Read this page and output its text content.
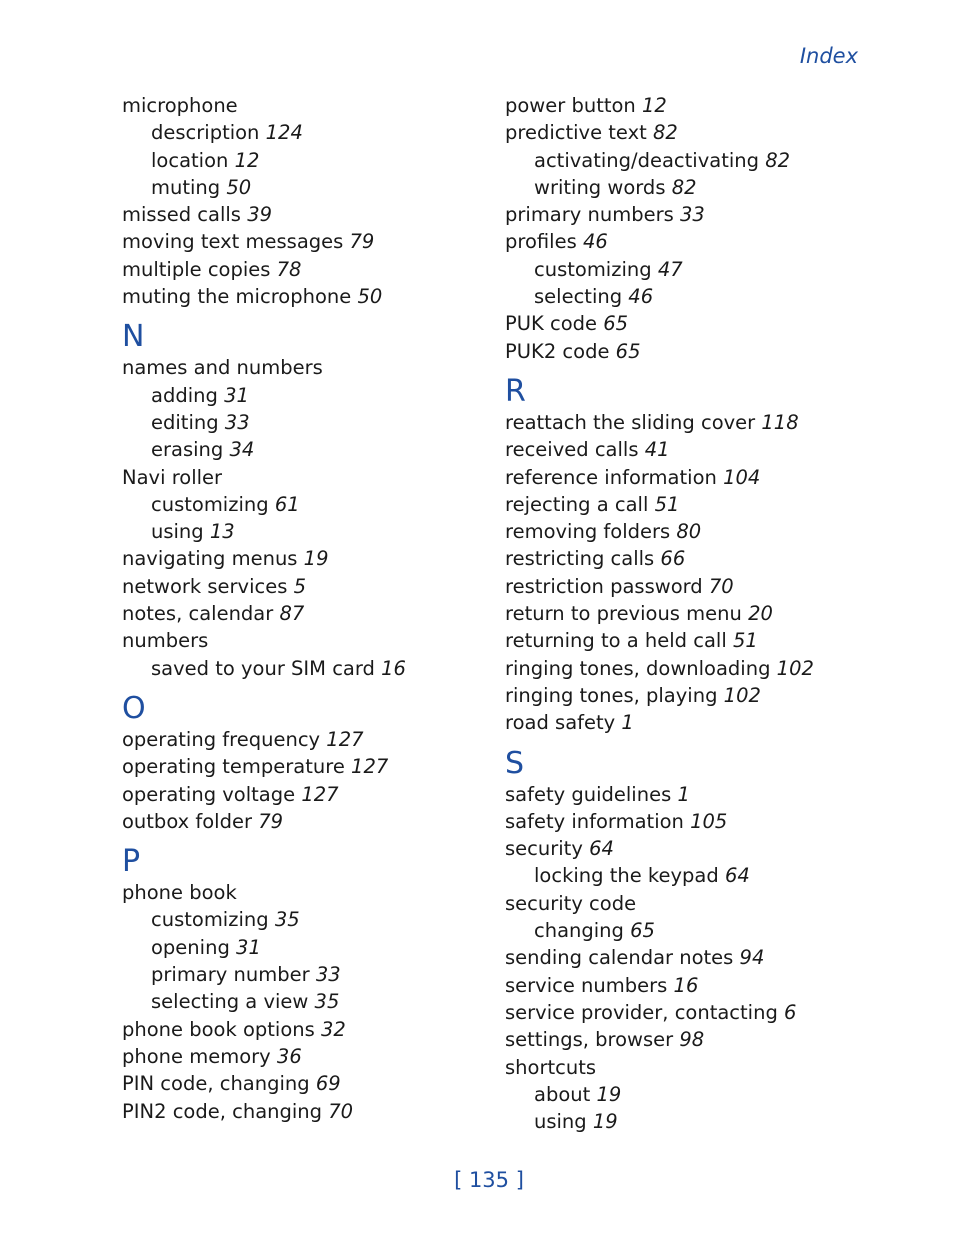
Index
microphone
description 124
location 12
muting 50
missed calls 39
moving text messages 79
multiple copies 78
muting the microphone 50
N
names and numbers
adding 31
editing 33
erasing 34
Navi roller
customizing 61
using 13
navigating menus 19
network services 5
notes, calendar 87
numbers
saved to your SIM card 16
O
operating frequency 127
operating temperature 127
operating voltage 127
outbox folder 79
P
phone book
customizing 35
opening 31
primary number 33
selecting a view 35
phone book options 32
phone memory 36
PIN code, changing 69
PIN2 code, changing 70
power button 12
predictive text 82
activating/deactivating 82
writing words 82
primary numbers 33
profiles 46
customizing 47
selecting 46
PUK code 65
PUK2 code 65
R
reattach the sliding cover 118
received calls 41
reference information 104
rejecting a call 51
removing folders 80
restricting calls 66
restriction password 70
return to previous menu 20
returning to a held call 51
ringing tones, downloading 102
ringing tones, playing 102
road safety 1
S
safety guidelines 1
safety information 105
security 64
locking the keypad 64
security code
changing 65
sending calendar notes 94
service numbers 16
service provider, contacting 6
settings, browser 98
shortcuts
about 19
using 19
[ 135 ]
